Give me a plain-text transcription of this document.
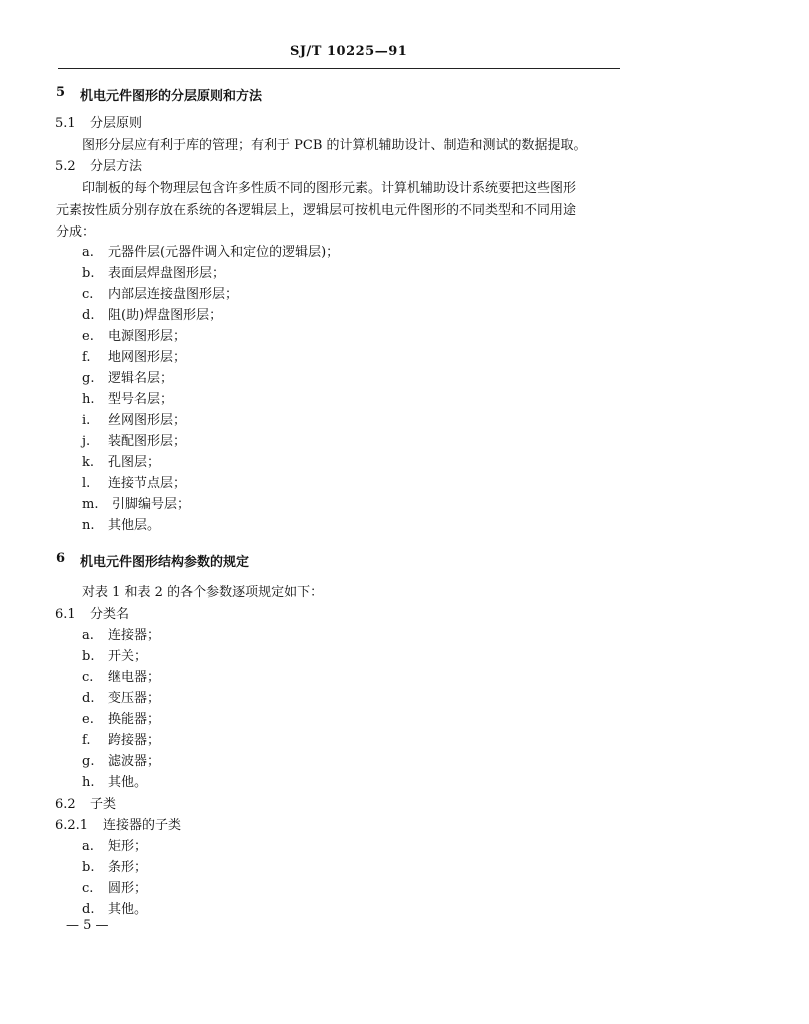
SJ/T 10225—91
5 机电元件图形的分层原则和方法
5.1 分层原则
图形分层应有利于库的管理；有利于 PCB 的计算机辅助设计、制造和测试的数据提取。
5.2 分层方法
印制板的每个物理层包含许多性质不同的图形元素。计算机辅助设计系统要把这些图形
元素按性质分别存放在系统的各逻辑层上，逻辑层可按机电元件图形的不同类型和不同用途
分成：
a. 元器件层(元器件调入和定位的逻辑层)；
b. 表面层焊盘图形层；
c. 内部层连接盘图形层；
d. 阻(助)焊盘图形层；
e. 电源图形层；
f. 地网图形层；
g. 逻辑名层；
h. 型号名层；
i. 丝网图形层；
j. 装配图形层；
k. 孔图层；
l. 连接节点层；
m. 引脚编号层；
n. 其他层。
6 机电元件图形结构参数的规定
对表 1 和表 2 的各个参数逐项规定如下：
6.1 分类名
a. 连接器；
b. 开关；
c. 继电器；
d. 变压器；
e. 换能器；
f. 跨接器；
g. 滤波器；
h. 其他。
6.2 子类
6.2.1 连接器的子类
a. 矩形；
b. 条形；
c. 圆形；
d. 其他。
— 5 —
